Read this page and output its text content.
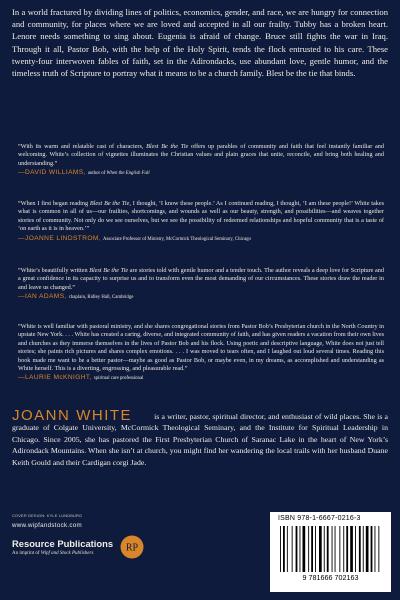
In a world fractured by dividing lines of politics, economics, gender, and race, we are hungry for connection and community, for places where we are loved and accepted in all our frailty. Tubby has a broken heart. Lenore needs something to sing about. Eugenia is afraid of change. Bruce still fights the war in Iraq. Through it all, Pastor Bob, with the help of the Holy Spirit, tends the flock entrusted to his care. These twenty-four interwoven fables of faith, set in the Adirondacks, use abundant love, gentle humor, and the timeless truth of Scripture to portray what it means to be a church family. Blest be the tie that binds.

“With its warm and relatable cast of characters, Blest Be the Tie offers up parables of community and faith that feel instantly familiar and welcoming. White’s collection of vignettes illuminates the Christian values and plain graces that unite, reconcile, and bring both healing and understanding.”

—DAVID WILLIAMS, author of When the English Fall

“When I first began reading Blest Be the Tie, I thought, ‘I know these people.’ As I continued reading, I thought, ‘I am these people!’ White takes what is common in all of us—our frailties, shortcomings, and wounds as well as our beauty, strength, and possibilities—and weaves together stories of community. Not only do we see ourselves, but we see the possibility of redeemed relationships and hopeful community that is a taste of ‘on earth as it is in heaven.’”

—JOANNE LINDSTROM, Associate Professor of Ministry, McCormick Theological Seminary, Chicago

“White’s beautifully written Blest Be the Tie are stories told with gentle humor and a tender touch. The author reveals a deep love for Scripture and a great confidence in its capacity to surprise us and to transform even the most demanding of our circumstances. These stories draw the reader in and leave us changed.”

—IAN ADAMS, chaplain, Ridley Hall, Cambridge

“White is well familiar with pastoral ministry, and she shares congregational stories from Pastor Bob’s Presbyterian church in the North Country in upstate New York. . . . White has created a caring, diverse, and integrated community of faith, and has given readers a vacation from their own lives and churches as they immerse themselves in the lives of Pastor Bob and his flock. Using poetic and descriptive language, White does not just tell stories; she paints rich pictures and shares complex emotions. . . . I was moved to tears often, and I laughed out loud several times. Reading this book made me want to be a better pastor—maybe as good as Pastor Bob, or maybe even, in my dreams, as accomplished and understanding as White herself. This is a diverting, engrossing, and pleasurable read.”

—LAURIE McKNIGHT, spiritual care professional

JOANN WHITE	is a writer, pastor, spiritual director, and enthusiast of wild places. She is a graduate of Colgate University, McCormick Theological Seminary, and the Institute for Spiritual Leadership in Chicago. Since 2005, she has pastored the First Presbyterian Church of Saranac Lake in the heart of New York’s Adirondack Mountains. When she isn’t at church, you might find her wandering the local trails with her husband Duane Keith Gould and their Cardigan corgi Jade.

COVER DESIGN: KYLE LUNDBURG
www.wipfandstock.com
Resource Publications
An imprint of Wipf and Stock Publishers	RP
ISBN 978-1-6667-0216-3
9 781666 702163
